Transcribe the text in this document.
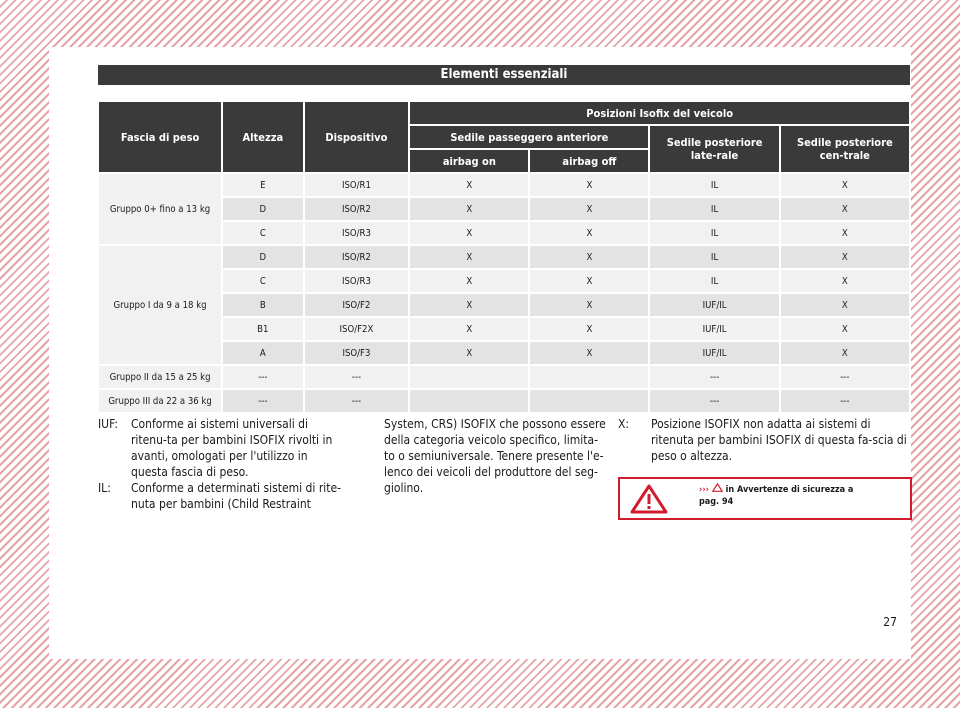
Elementi essenziali
Fascia di peso	Altezza	Dispositivo	Posizioni Isofix del veicolo			
			Sedile passeggero anteriore		Sedile posteriore late-rale	Sedile posteriore cen-trale
			airbag on	airbag off		
Gruppo 0+ fino a 13 kg	E	ISO/R1	X	X	IL	X
	D	ISO/R2	X	X	IL	X
	C	ISO/R3	X	X	IL	X
Gruppo I da 9 a 18 kg	D	ISO/R2	X	X	IL	X
	C	ISO/R3	X	X	IL	X
	B	ISO/F2	X	X	IUF/IL	X
	B1	ISO/F2X	X	X	IUF/IL	X
	A	ISO/F3	X	X	IUF/IL	X
Gruppo II da 15 a 25 kg	---	---			---	---
Gruppo III da 22 a 36 kg	---	---			---	---
IUF:	Conforme ai sistemi universali di ritenu-ta per bambini ISOFIX rivolti in avanti, omologati per l'utilizzo in questa fascia di peso.
IL:	Conforme a determinati sistemi di rite-nuta per bambini (Child Restraint
System, CRS) ISOFIX che possono essere della categoria veicolo specifico, limita-to o semiuniversale. Tenere presente l'e-lenco dei veicoli del produttore del seg-giolino.
X:	Posizione ISOFIX non adatta ai sistemi di ritenuta per bambini ISOFIX di questa fa-scia di peso o altezza.
›››  in Avvertenze di sicurezza a
pag. 94
27
